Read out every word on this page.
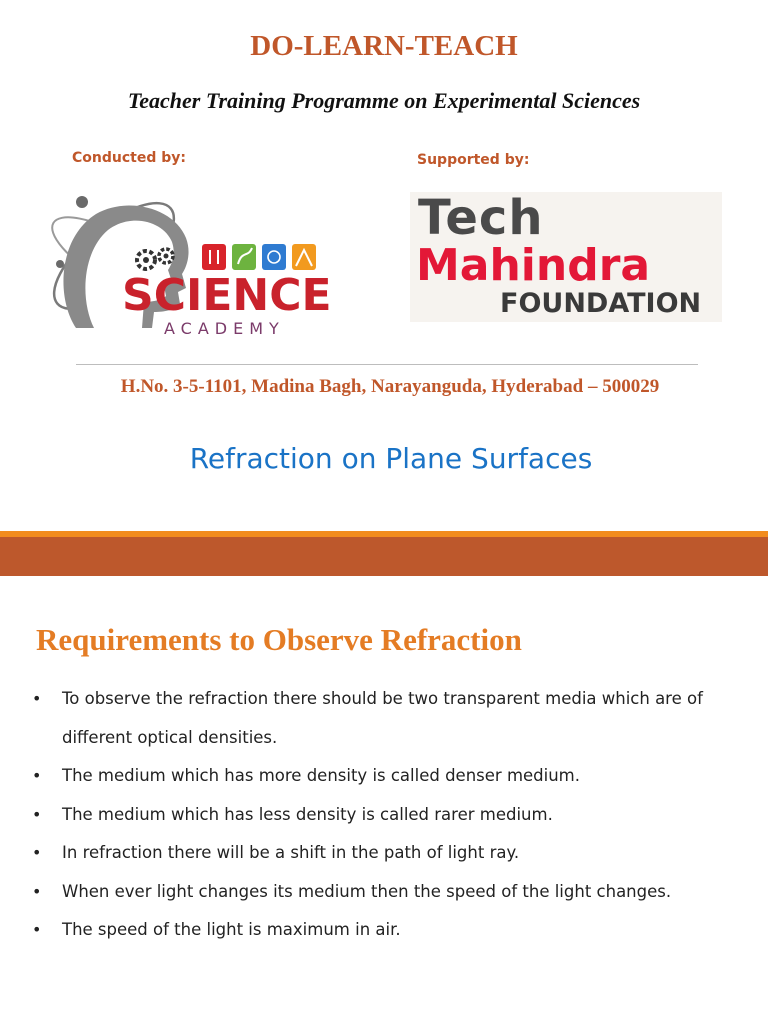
DO-LEARN-TEACH
Teacher Training Programme on Experimental Sciences
Conducted by:	Supported by:
SCIENCE
ACADEMY
Tech
Mahindra
FOUNDATION
H.No. 3-5-1101, Madina Bagh, Narayanguda, Hyderabad – 500029
Refraction on Plane Surfaces
Requirements to Observe Refraction
• To observe the refraction there should be two transparent media which are of different optical densities.
• The medium which has more density is called denser medium.
• The medium which has less density is called rarer medium.
• In refraction there will be a shift in the path of light ray.
• When ever light changes its medium then the speed of the light changes.
• The speed of the light is maximum in air.
